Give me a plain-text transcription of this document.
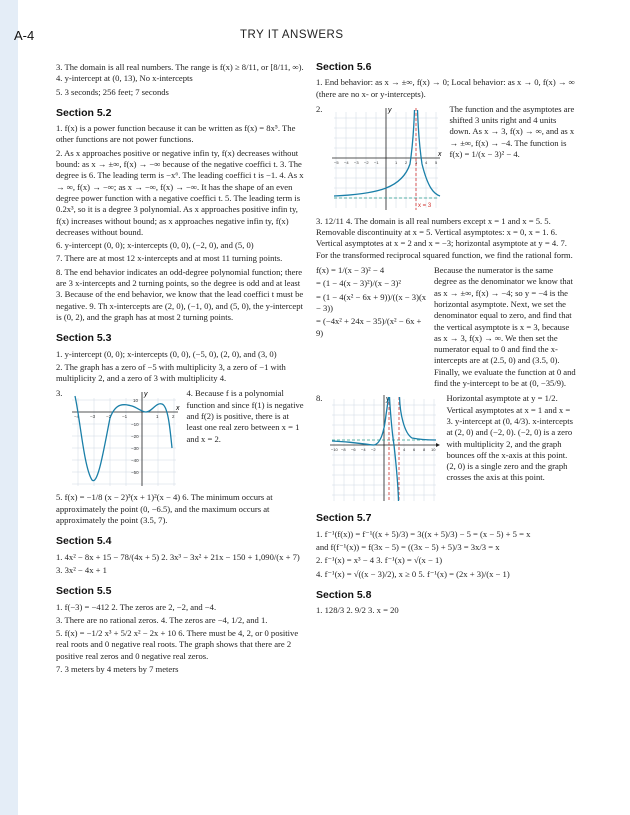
A-4	TRY IT ANSWERS

3. The domain is all real numbers. The range is f(x) ≥ 8/11, or [8/11, ∞). 4. y-intercept at (0, 13), No x-intercepts

5. 3 seconds; 256 feet; 7 seconds

Section 5.2

1. f(x) is a power function because it can be written as f(x) = 8x⁵. The other functions are not power functions.

2. As x approaches positive or negative infin ty, f(x) decreases without bound: as x → ±∞, f(x) → −∞ because of the negative coeffici t. 3. The degree is 6. The leading term is −x⁶. The leading coeffici t is −1. 4. As x → ∞, f(x) → −∞; as x → −∞, f(x) → −∞. It has the shape of an even degree power function with a negative coeffici t. 5. The leading term is 0.2x³, so it is a degree 3 polynomial. As x approaches positive infin ty, f(x) increases without bound; as x approaches negative infin ty, f(x) decreases without bound.

6. y-intercept (0, 0); x-intercepts (0, 0), (−2, 0), and (5, 0)

7. There are at most 12 x-intercepts and at most 11 turning points.

8. The end behavior indicates an odd-degree polynomial function; there are 3 x-intercepts and 2 turning points, so the degree is odd and at least 3. Because of the end behavior, we know that the lead coeffici t must be negative. 9. Th x-intercepts are (2, 0), (−1, 0), and (5, 0), the y-intercept is (0, 2), and the graph has at most 2 turning points.

Section 5.3

1. y-intercept (0, 0); x-intercepts (0, 0), (−5, 0), (2, 0), and (3, 0)

2. The graph has a zero of −5 with multiplicity 3, a zero of −1 with multiplicity 2, and a zero of 3 with multiplicity 4.

3.
x
y
−4 −3 −2 −1	1	2
10
−10
−20
−30
−40
−50
4. Because f is a polynomial function and since f(1) is negative and f(2) is positive, there is at least one real zero between x = 1 and x = 2.

5. f(x) = −1/8 (x − 2)³(x + 1)²(x − 4) 6. The minimum occurs at approximately the point (0, −6.5), and the maximum occurs at approximately the point (3.5, 7).

Section 5.4

1. 4x² − 8x + 15 − 78/(4x + 5) 2. 3x³ − 3x² + 21x − 150 + 1,090/(x + 7)

3. 3x² − 4x + 1

Section 5.5

1. f(−3) = −412 2. The zeros are 2, −2, and −4.

3. There are no rational zeros. 4. The zeros are −4, 1/2, and 1.

5. f(x) = −1/2 x³ + 5/2 x² − 2x + 10 6. There must be 4, 2, or 0 positive real roots and 0 negative real roots. The graph shows that there are 2 positive real zeros and 0 negative real zeros.

7. 3 meters by 4 meters by 7 meters

Section 5.6

1. End behavior: as x → ±∞, f(x) → 0; Local behavior: as x → 0, f(x) → ∞ (there are no x- or y-intercepts).

2.
x
y
−5 −4 −3 −2 −1	1 2 3 4 5
x = 3
The function and the asymptotes are shifted 3 units right and 4 units down. As x → 3, f(x) → ∞, and as x → ±∞, f(x) → −4. The function is f(x) = 1/(x − 3)² − 4.

3. 12/11 4. The domain is all real numbers except x = 1 and x = 5. 5. Removable discontinuity at x = 5. Vertical asymptotes: x = 0, x = 1. 6. Vertical asymptotes at x = 2 and x = −3; horizontal asymptote at y = 4. 7. For the transformed reciprocal squared function, we find the rational form.

f(x) = 1/(x − 3)² − 4

= (1 − 4(x − 3)²)/(x − 3)²

= (1 − 4(x² − 6x + 9))/((x − 3)(x − 3))

= (−4x² + 24x − 35)/(x² − 6x + 9)

Because the numerator is the same degree as the denominator we know that as x → ±∞, f(x) → −4; so y = −4 is the horizontal asymptote. Next, we set the denominator equal to zero, and find that the vertical asymptote is x = 3, because as x → 3, f(x) → ∞. We then set the numerator equal to 0 and find the x-intercepts are at (2.5, 0) and (3.5, 0). Finally, we evaluate the function at 0 and find the y-intercept to be at (0, −35/9).
8.	y
−10 −8 −6 −4 −2	4 6 8 10
Horizontal asymptote at y = 1/2. Vertical asymptotes at x = 1 and x = 3. y-intercept at (0, 4/3). x-intercepts at (2, 0) and (−2, 0). (−2, 0) is a zero with multiplicity 2, and the graph bounces off the x-axis at this point. (2, 0) is a single zero and the graph crosses the axis at this point.
Section 5.7

1. f⁻¹(f(x)) = f⁻¹((x + 5)/3) = 3((x + 5)/3) − 5 = (x − 5) + 5 = x

and f(f⁻¹(x)) = f(3x − 5) = ((3x − 5) + 5)/3 = 3x/3 = x

2. f⁻¹(x) = x³ − 4 3. f⁻¹(x) = √(x − 1)

4. f⁻¹(x) = √((x − 3)/2), x ≥ 0 5. f⁻¹(x) = (2x + 3)/(x − 1)

Section 5.8

1. 128/3 2. 9/2 3. x = 20
